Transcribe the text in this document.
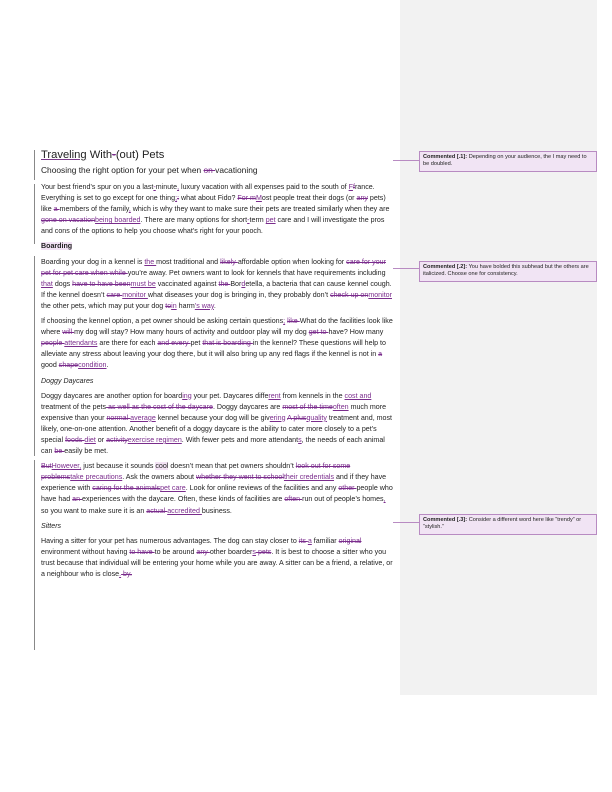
Traveling With-(out) Pets
Choosing the right option for your pet when on vacationing

Your best friend’s spur on you a last-minute, luxury vacation with all expenses paid to the south of Ffrance. Everything is set to go except for one thing;: what about Fido? For mMost people treat their dogs (or any pets) like a members of the family, which is why they want to make sure their pets are treated similarly when they are gone on vacationbeing boarded. There are many options for short-term pet care and I will investigate the pros and cons of the options to help you choose what’s right for your pooch.

Boarding

Boarding your dog in a kennel is the most traditional and likely affordable option when looking for care for your pet for pet care when while you’re away. Pet owners want to look for kennels that have requirements including that dogs have to have beenmust be vaccinated against the Bordetella, a bacteria that can cause kennel cough. If the kennel doesn’t care monitor what diseases your dog is bringing in, they probably don’t check up onmonitor the other pets, which may put your dog toin harm’s way.

If choosing the kennel option, a pet owner should be asking certain questions; like What do the facilities look like where will my dog will stay? How many hours of activity and outdoor play will my dog get to have? How many people attendants are there for each and every pet that is boarding in the kennel? These questions will help to alleviate any stress about leaving your dog there, but it will also bring up any red flags if the kennel is not in a good shapecondition.

Doggy Daycares

Doggy daycares are another option for boarding your pet. Daycares different from kennels in the cost and treatment of the pets as well as the cost of the daycare. Doggy daycares are most of the timeoften much more expensive than your normal average kennel because your dog will be givering A plusquality treatment and, most likely, one-on-one attention. Another benefit of a doggy daycare is the ability to cater more closely to a pet’s special foods diet or activityexercise regimen. With fewer pets and more attendants, the needs of each animal can be easily be met.

ButHowever, just because it sounds cool doesn’t mean that pet owners shouldn’t look out for some problemstake precautions. Ask the owners about whether they went to schooltheir credentials and if they have experience with caring for the animalspet care. Look for online reviews of the facilities and any other people who have had an experiences with the daycare. Often, these kinds of facilities are often run out of people’s homes, so you want to make sure it is an actual accredited business.

Sitters

Having a sitter for your pet has numerous advantages. The dog can stay closer to its a familiar original environment without having to have to be around any other boarders pets. It is best to choose a sitter who you trust because that individual will be entering your home while you are away. A sitter can be a friend, a relative, or a neighbour who is close. by.

Commented [.1]: Depending on your audience, the I may need to be doubled.
Commented [.2]: You have bolded this subhead but the others are italicized. Choose one for consistency.
Commented [.3]: Consider a different word here like “trendy” or “stylish.”
